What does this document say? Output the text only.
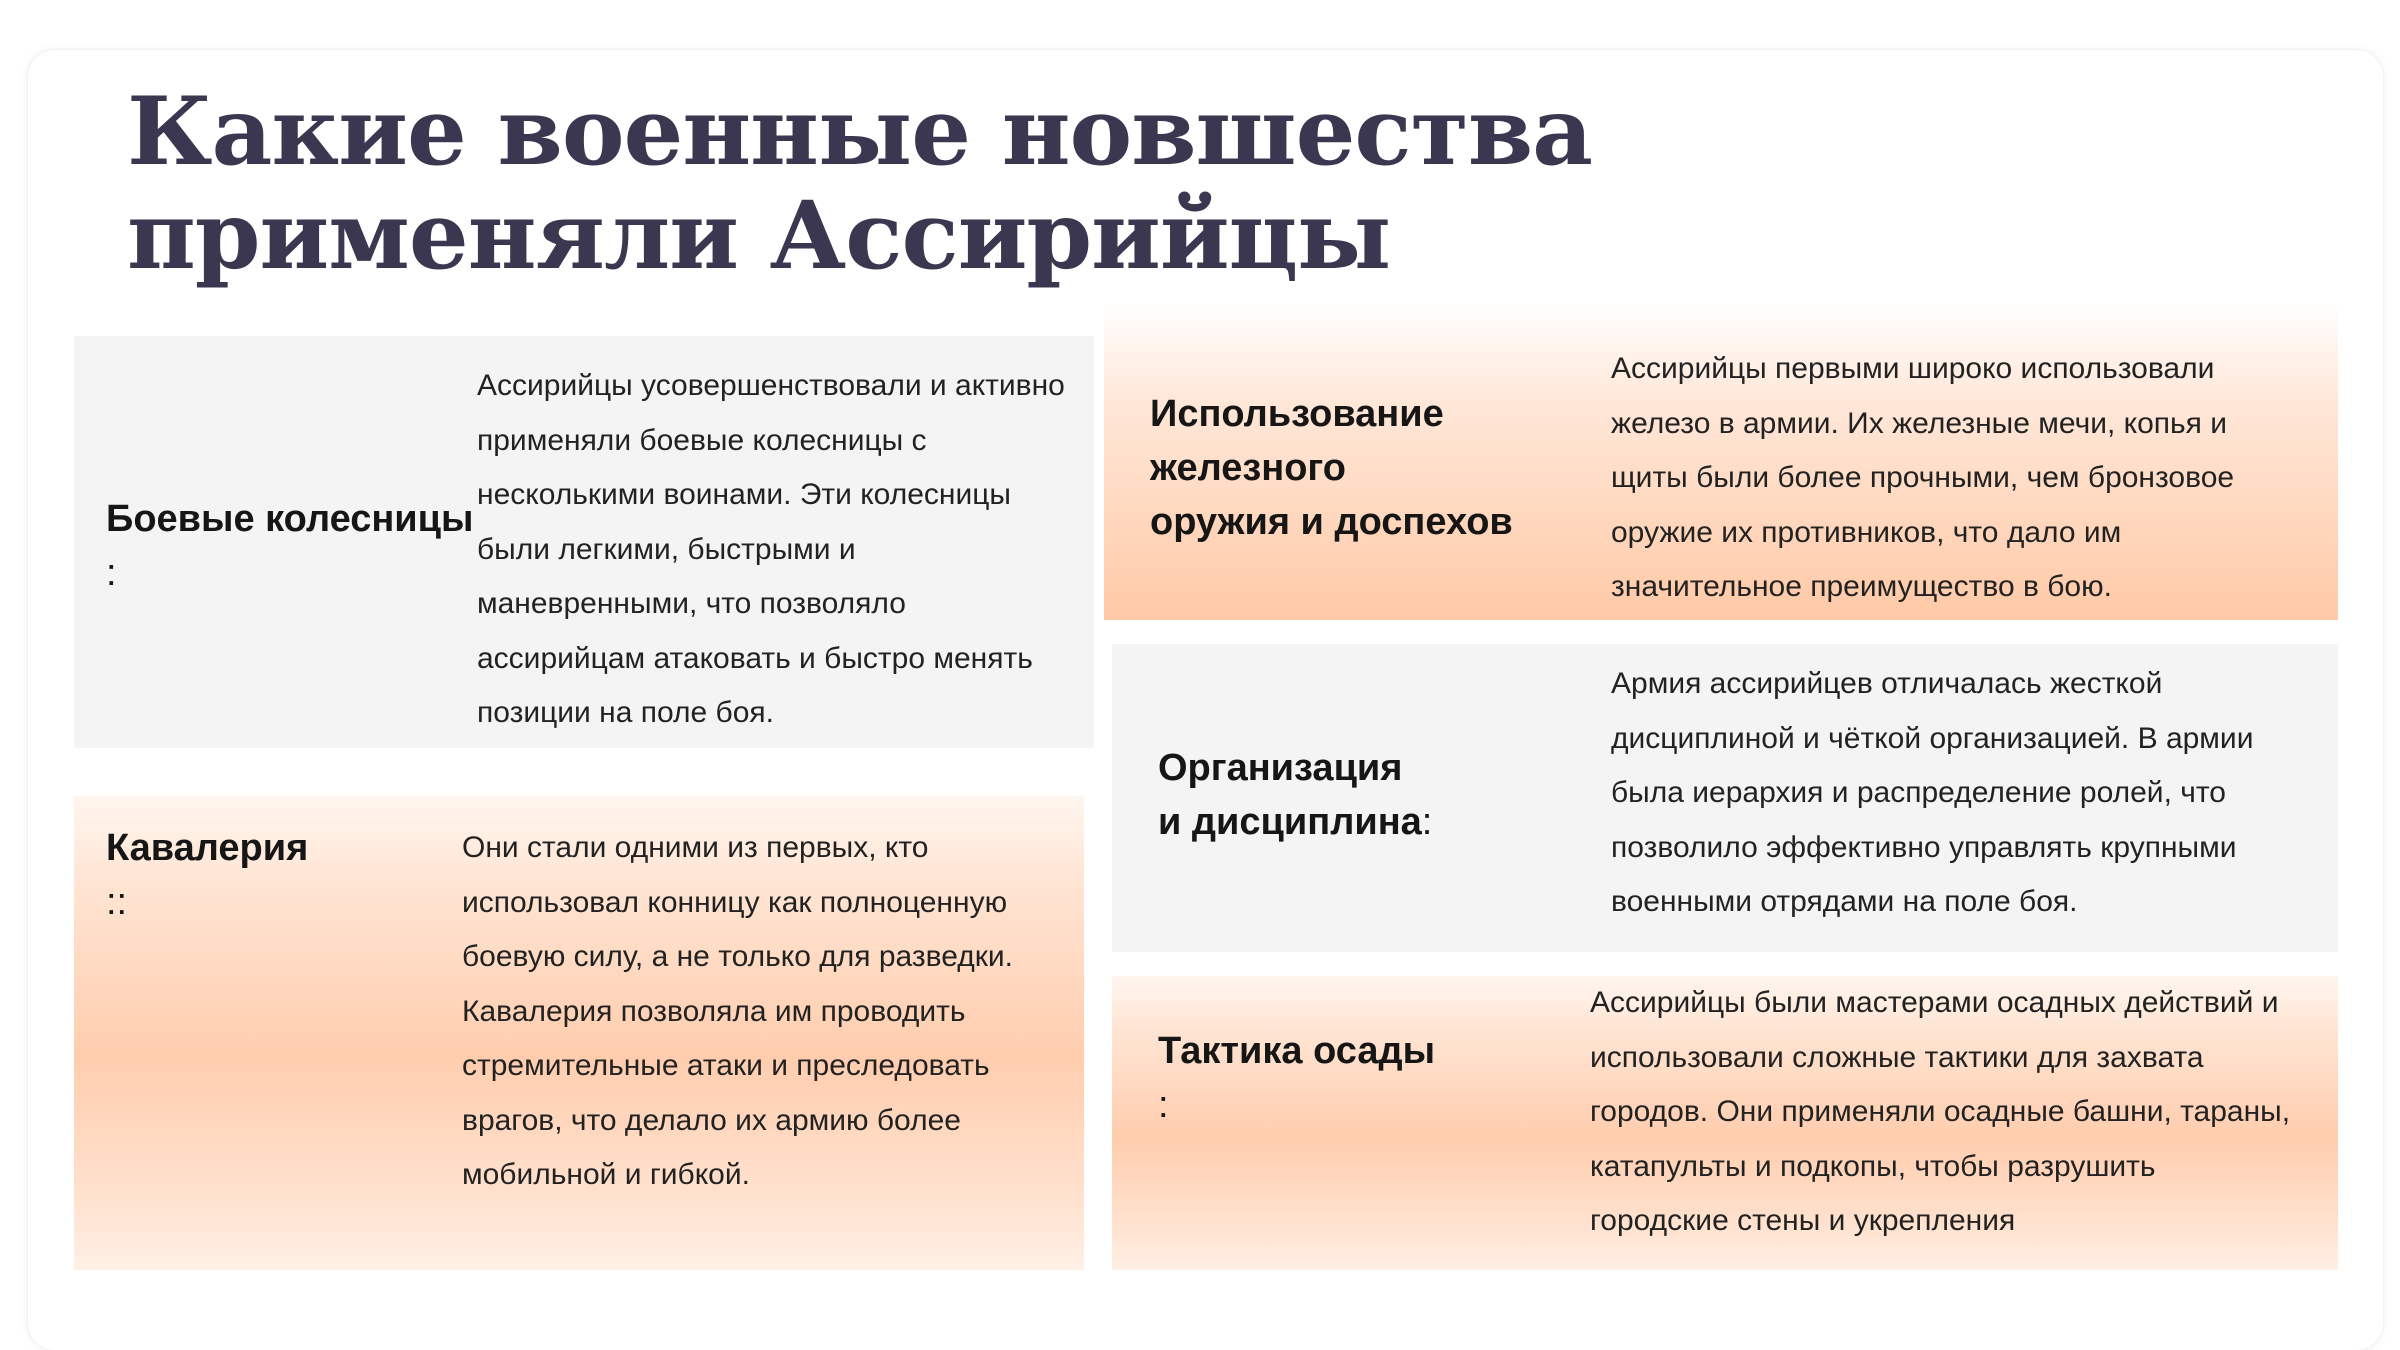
Какие военные новшества
применяли Ассирийцы
Боевые колесницы
:
Ассирийцы усовершенствовали и активно
применяли боевые колесницы с
несколькими воинами. Эти колесницы
были легкими, быстрыми и
маневренными, что позволяло
ассирийцам атаковать и быстро менять
позиции на поле боя.
Использование
железного
оружия и доспехов
Ассирийцы первыми широко использовали
железо в армии. Их железные мечи, копья и
щиты были более прочными, чем бронзовое
оружие их противников, что дало им
значительное преимущество в бою.
Организация
и дисциплина:
Армия ассирийцев отличалась жесткой
дисциплиной и чёткой организацией. В армии
была иерархия и распределение ролей, что
позволило эффективно управлять крупными
военными отрядами на поле боя.
Кавалерия
::
Они стали одними из первых, кто
использовал конницу как полноценную
боевую силу, а не только для разведки.
Кавалерия позволяла им проводить
стремительные атаки и преследовать
врагов, что делало их армию более
мобильной и гибкой.
Тактика осады
:
Ассирийцы были мастерами осадных действий и
использовали сложные тактики для захвата
городов. Они применяли осадные башни, тараны,
катапульты и подкопы, чтобы разрушить
городские стены и укрепления
